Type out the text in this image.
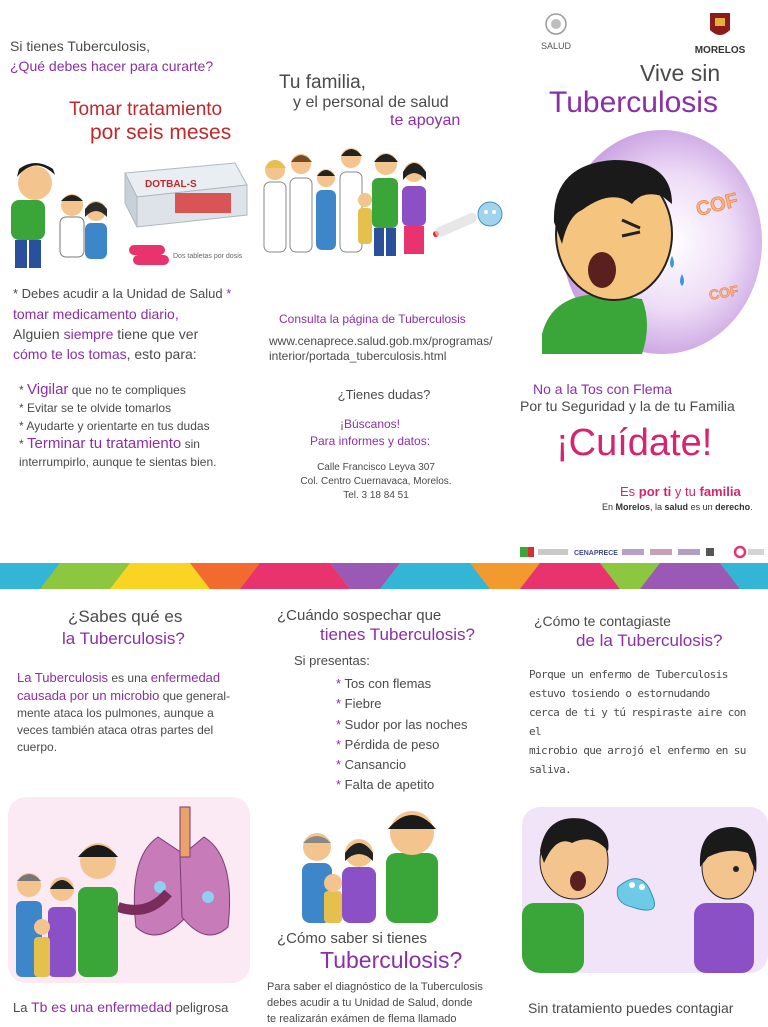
Si tienes Tuberculosis,
¿Qué debes hacer para curarte?
Tomar tratamiento
por seis meses
DOTBAL-S
Dos tabletas por dosis
* Debes acudir a la Unidad de Salud *
tomar medicamento diario,
Alguien siempre tiene que ver
cómo te los tomas, esto para:
* Vigilar que no te compliques
* Evitar se te olvide tomarlos
* Ayudarte y orientarte en tus dudas
* Terminar tu tratamiento sin
interrumpirlo, aunque te sientas bien.
Tu familia,
y el personal de salud
te apoyan
Consulta la página de Tuberculosis
www.cenaprece.salud.gob.mx/programas/
interior/portada_tuberculosis.html
¿Tienes dudas?
¡Búscanos!
Para informes y datos:
Calle Francisco Leyva 307
Col. Centro Cuernavaca, Morelos.
Tel. 3 18 84 51
SALUD	MORELOS
Vive sin
Tuberculosis
COF
COF
No a la Tos con Flema
Por tu Seguridad y la de tu Familia
¡Cuídate!
Es por ti y tu familia
En Morelos, la salud es un derecho.
CENAPRECE
¿Sabes qué es
la Tuberculosis?
La Tuberculosis es una enfermedad
causada por un microbio que general-
mente ataca los pulmones, aunque a
veces también ataca otras partes del
cuerpo.
La Tb es una enfermedad peligrosa
¿Cuándo sospechar que
tienes Tuberculosis?
Si presentas:
* Tos con flemas
* Fiebre
* Sudor por las noches
* Pérdida de peso
* Cansancio
* Falta de apetito
¿Cómo saber si tienes
Tuberculosis?
Para saber el diagnóstico de la Tuberculosis
debes acudir a tu Unidad de Salud, donde
te realizarán exámen de flema llamado
¿Cómo te contagiaste
de la Tuberculosis?
Porque un enfermo de Tuberculosis
estuvo tosiendo o estornudando
cerca de ti y tú respiraste aire con el
microbio que arrojó el enfermo en su
saliva.
Sin tratamiento puedes contagiar
